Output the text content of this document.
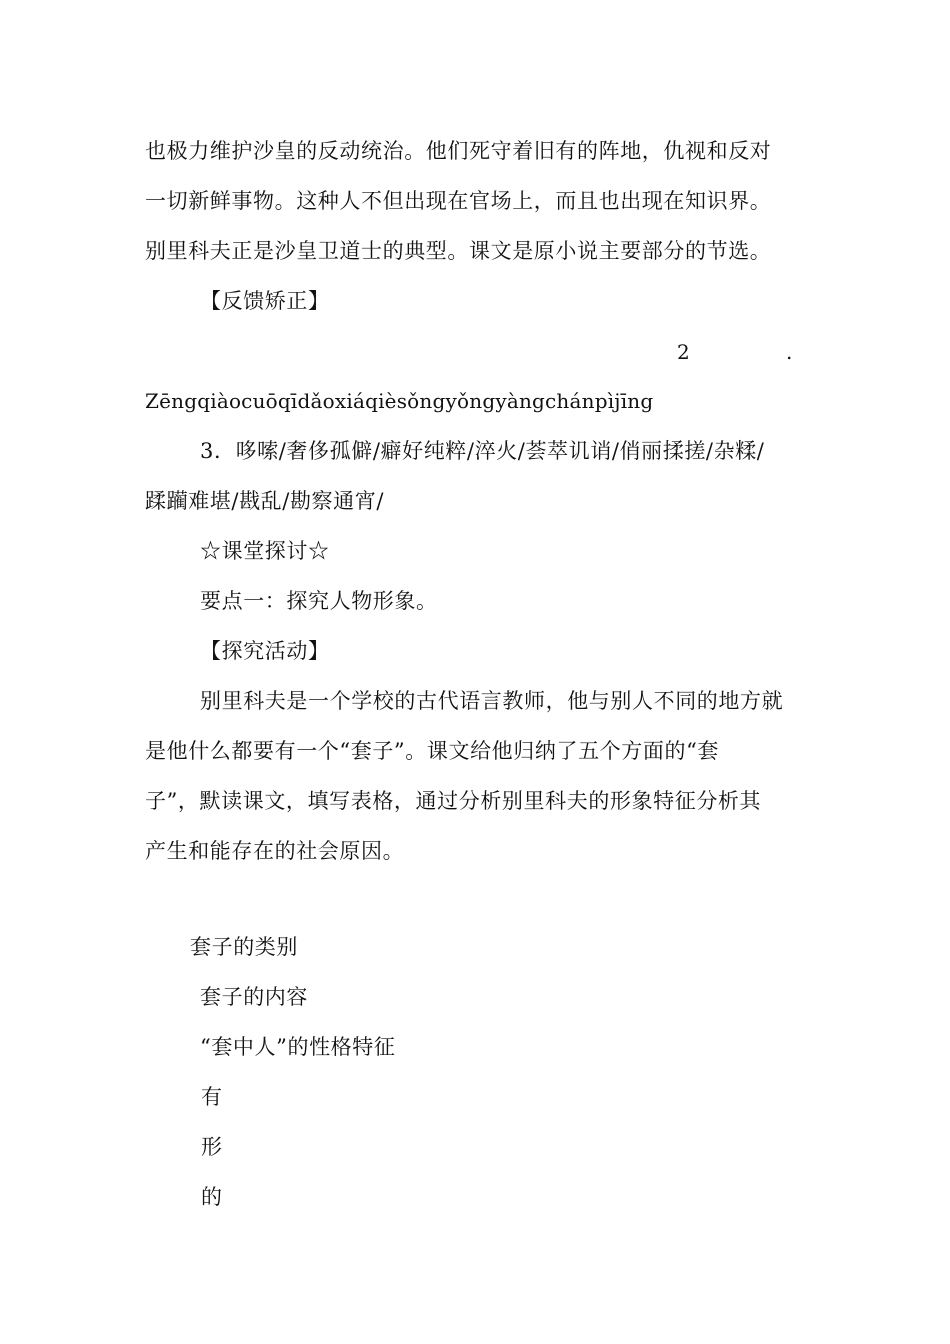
也极力维护沙皇的反动统治。他们死守着旧有的阵地，仇视和反对
一切新鲜事物。这种人不但出现在官场上，而且也出现在知识界。
别里科夫正是沙皇卫道士的典型。课文是原小说主要部分的节选。
【反馈矫正】
2	.
Zēngqiàocuōqīdǎoxiáqièsǒngyǒngyàngchánpìjīng
3．哆嗦/奢侈孤僻/癖好纯粹/淬火/荟萃讥诮/俏丽揉搓/杂糅/
蹂躏难堪/戡乱/勘察通宵/
☆课堂探讨☆
要点一：探究人物形象。
【探究活动】
别里科夫是一个学校的古代语言教师，他与别人不同的地方就
是他什么都要有一个“套子”。课文给他归纳了五个方面的“套
子”，默读课文，填写表格，通过分析别里科夫的形象特征分析其
产生和能存在的社会原因。
套子的类别
套子的内容
“套中人”的性格特征
有
形
的
